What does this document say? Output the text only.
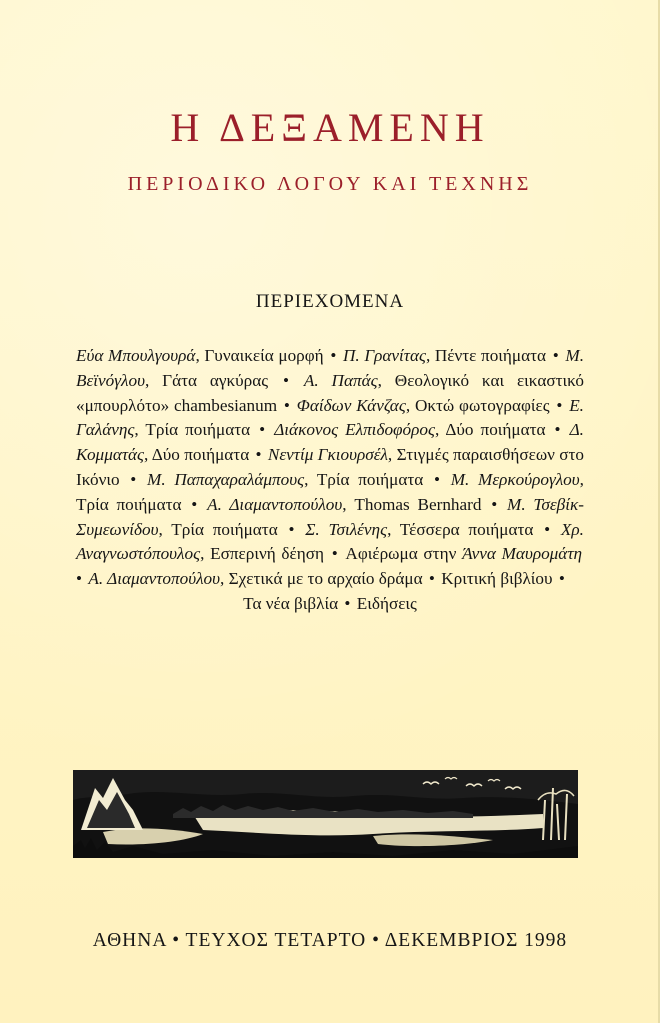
Η ΔΕΞΑΜΕΝΗ
ΠΕΡΙΟΔΙΚΟ ΛΟΓΟΥ ΚΑΙ ΤΕΧΝΗΣ
ΠΕΡΙΕΧΟΜΕΝΑ
Εύα Μπουλγουρά, Γυναικεία μορφή • Π. Γρανίτας, Πέντε ποιήματα • Μ. Βεϊνόγλου, Γάτα αγκύρας • Α. Παπάς, Θεολογικό και εικαστικό «μπουρλότο» chambesianum • Φαίδων Κάνζας, Οκτώ φωτογραφίες • Ε. Γαλάνης, Τρία ποιήματα • Διάκονος Ελπιδοφόρος, Δύο ποιήματα • Δ. Κομματάς, Δύο ποιήματα • Νεντίμ Γκιουρσέλ, Στιγμές παραισθήσεων στο Ικόνιο • Μ. Παπαχαραλάμπους, Τρία ποιήματα • Μ. Μερκούρογλου, Τρία ποιήματα • Α. Διαμαντοπούλου, Thomas Bernhard • Μ. Τσεβίκ-Συμεωνίδου, Τρία ποιήματα • Σ. Τσιλένης, Τέσσερα ποιήματα • Χρ. Αναγνωστόπουλος, Εσπερινή δέηση • Αφιέρωμα στην Άννα Μαυρομάτη • Α. Διαμαντοπούλου, Σχετικά με το αρχαίο δράμα • Κριτική βιβλίου •
Τα νέα βιβλία • Ειδήσεις
ΑΘΗΝΑ • ΤΕΥΧΟΣ ΤΕΤΑΡΤΟ • ΔΕΚΕΜΒΡΙΟΣ 1998
